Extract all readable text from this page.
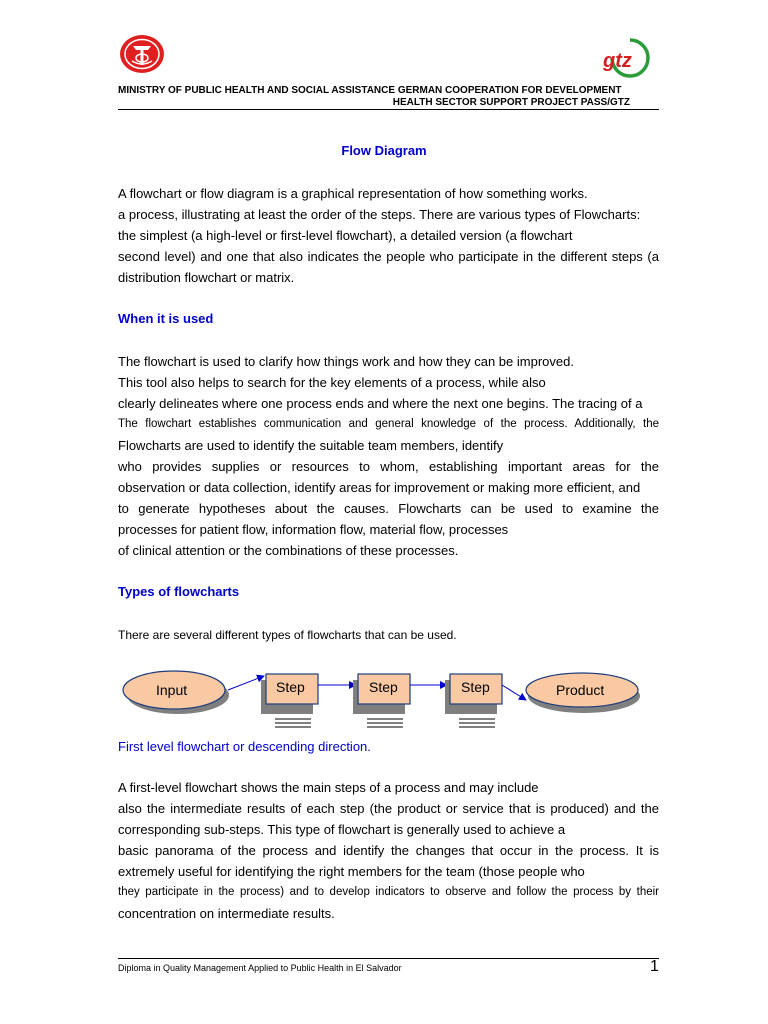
gtz
MINISTRY OF PUBLIC HEALTH AND SOCIAL ASSISTANCE GERMAN COOPERATION FOR DEVELOPMENT
HEALTH SECTOR SUPPORT PROJECT PASS/GTZ
Flow Diagram
A flowchart or flow diagram is a graphical representation of how something works.
a process, illustrating at least the order of the steps. There are various types of Flowcharts:
the simplest (a high-level or first-level flowchart), a detailed version (a flowchart
second level) and one that also indicates the people who participate in the different steps (a
distribution flowchart or matrix.
When it is used
The flowchart is used to clarify how things work and how they can be improved.
This tool also helps to search for the key elements of a process, while also
clearly delineates where one process ends and where the next one begins. The tracing of a
The flowchart establishes communication and general knowledge of the process. Additionally, the
Flowcharts are used to identify the suitable team members, identify
who provides supplies or resources to whom, establishing important areas for the
observation or data collection, identify areas for improvement or making more efficient, and
to generate hypotheses about the causes. Flowcharts can be used to examine the
processes for patient flow, information flow, material flow, processes
of clinical attention or the combinations of these processes.
Types of flowcharts
There are several different types of flowcharts that can be used.
Input	Step	Step	Step	Product
First level flowchart or descending direction.
A first-level flowchart shows the main steps of a process and may include
also the intermediate results of each step (the product or service that is produced) and the
corresponding sub-steps. This type of flowchart is generally used to achieve a
basic panorama of the process and identify the changes that occur in the process. It is
extremely useful for identifying the right members for the team (those people who
they participate in the process) and to develop indicators to observe and follow the process by their
concentration on intermediate results.
Diploma in Quality Management Applied to Public Health in El Salvador	1
